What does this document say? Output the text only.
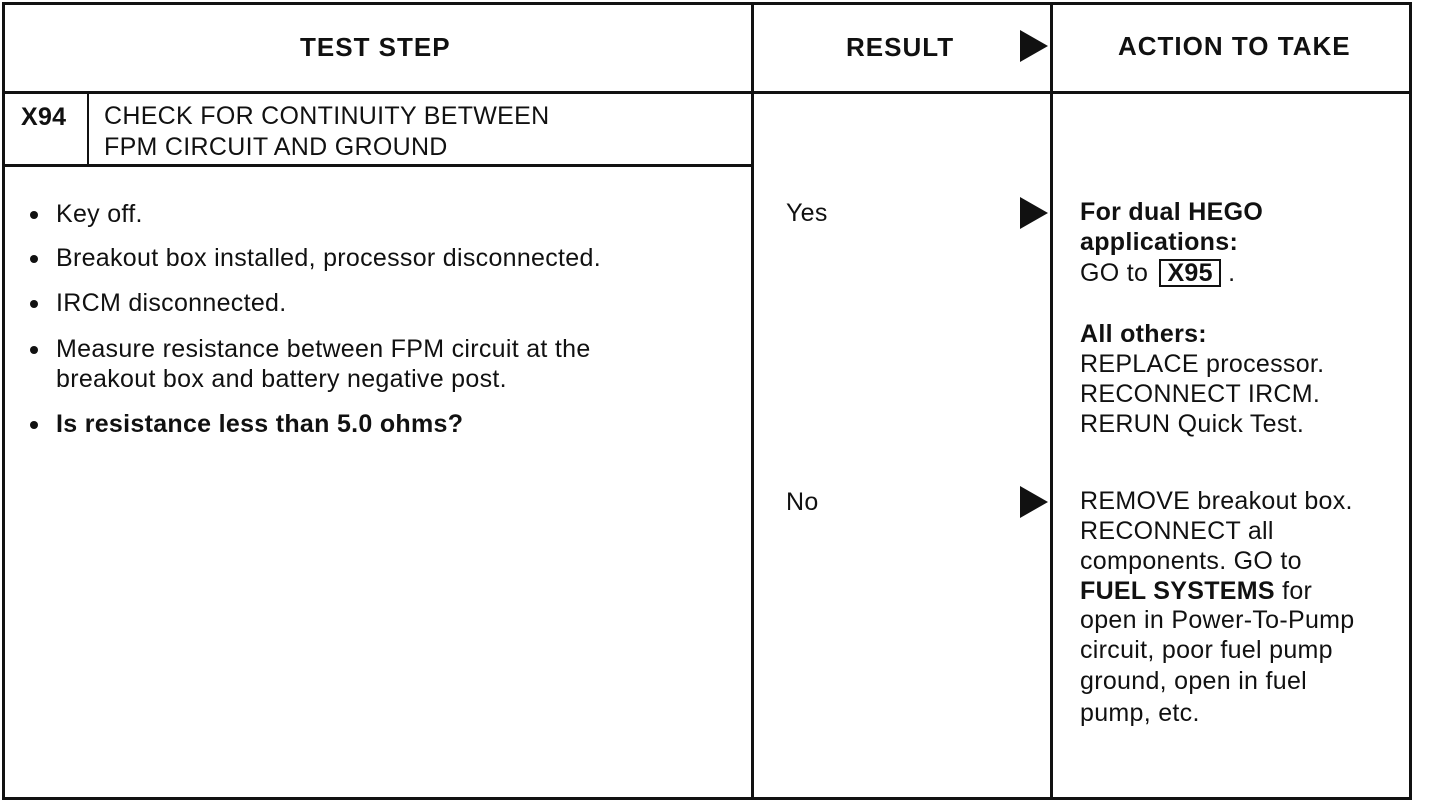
TEST STEP	RESULT	ACTION TO TAKE
X94 CHECK FOR CONTINUITY BETWEEN
FPM CIRCUIT AND GROUND
Key off.
Breakout box installed, processor disconnected.
IRCM disconnected.
Measure resistance between FPM circuit at the
breakout box and battery negative post.
Is resistance less than 5.0 ohms?
Yes
No
For dual HEGO
applications:
GO to X95 .
All others:
REPLACE processor.
RECONNECT IRCM.
RERUN Quick Test.
REMOVE breakout box.
RECONNECT all
components. GO to
FUEL SYSTEMS for
open in Power-To-Pump
circuit, poor fuel pump
ground, open in fuel
pump, etc.
